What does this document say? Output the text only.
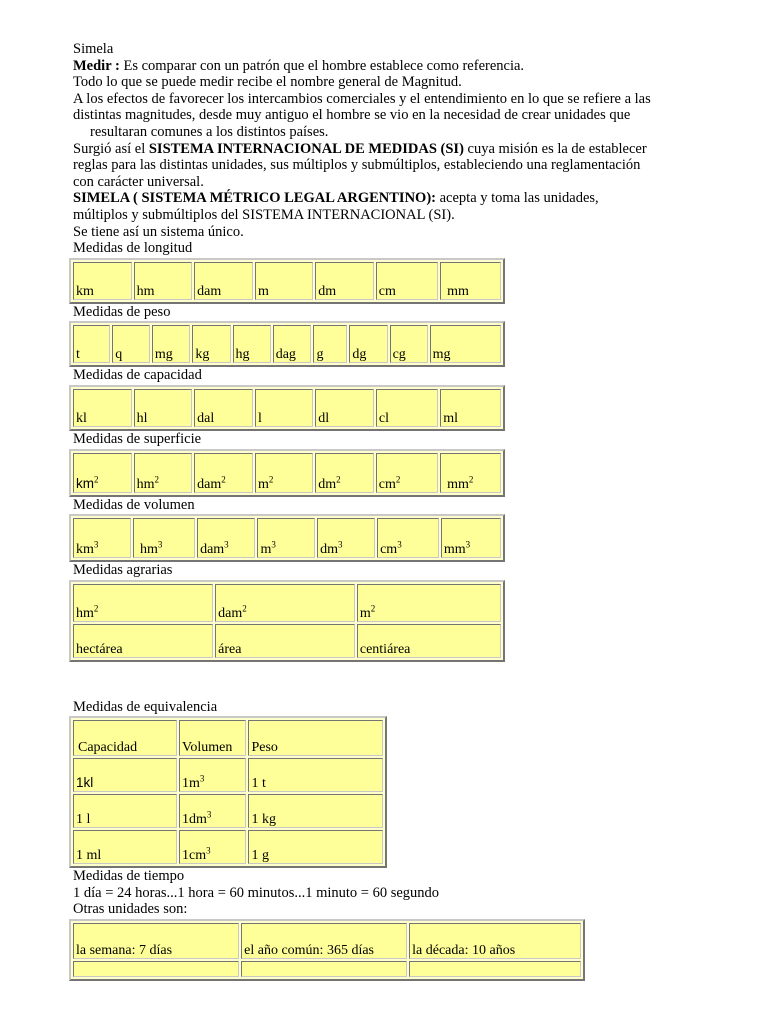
Simela
Medir : Es comparar con un patrón que el hombre establece como referencia.
Todo lo que se puede medir recibe el nombre general de Magnitud.
A los efectos de favorecer los intercambios comerciales y el entendimiento en lo que se refiere a las
distintas magnitudes, desde muy antiguo el hombre se vio en la necesidad de crear unidades que
resultaran comunes a los distintos países.
Surgió así el SISTEMA INTERNACIONAL DE MEDIDAS (SI) cuya misión es la de establecer
reglas para las distintas unidades, sus múltiplos y submúltiplos, estableciendo una reglamentación
con carácter universal.
SIMELA ( SISTEMA MÉTRICO LEGAL ARGENTINO): acepta y toma las unidades,
múltiplos y submúltiplos del SISTEMA INTERNACIONAL (SI).
Se tiene así un sistema único.
Medidas de longitud
km	hm	dam	m	dm	cm	mm
Medidas de peso
t	q	mg	kg	hg	dag	g	dg	cg	mg
Medidas de capacidad
kl	hl	dal	l	dl	cl	ml
Medidas de superficie
$km^2$	$hm^2$	dam$^2$	$m^2$	$dm^2$	$cm^2$	$mm^2$
Medidas de volumen
$km^3$	$hm^3$	dam$^3$	$m^3$	$dm^3$	$cm^3$	$mm^3$
Medidas agrarias
$hm^2$	dam$^2$	$m^2$
hectárea	área	centiárea
Medidas de equivalencia
Capacidad	Volumen	Peso
1kl	$1m^3$	1 t
1 l	$1dm^3$	1 kg
1 ml	$1cm^3$	1 g
Medidas de tiempo
1 día = 24 horas...1 hora = 60 minutos...1 minuto = 60 segundo
Otras unidades son:
la semana: 7 días	el año común: 365 días	la década: 10 años
